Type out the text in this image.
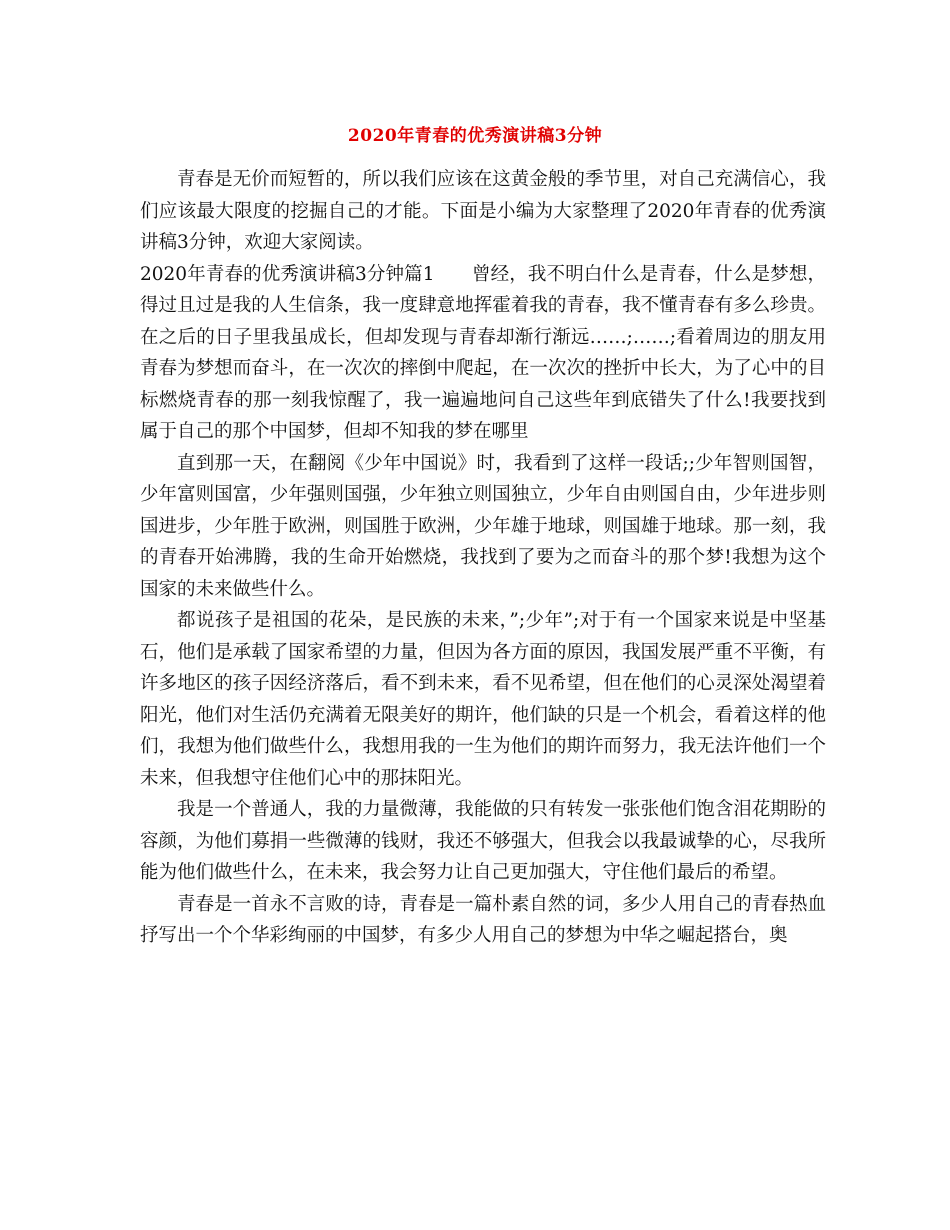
2020年青春的优秀演讲稿3分钟

青春是无价而短暂的，所以我们应该在这黄金般的季节里，对自己充满信心，我们应该最大限度的挖掘自己的才能。下面是小编为大家整理了2020年青春的优秀演讲稿3分钟，欢迎大家阅读。

2020年青春的优秀演讲稿3分钟篇1　　曾经，我不明白什么是青春，什么是梦想，得过且过是我的人生信条，我一度肆意地挥霍着我的青春，我不懂青春有多么珍贵。在之后的日子里我虽成长，但却发现与青春却渐行渐远……;……;看着周边的朋友用青春为梦想而奋斗，在一次次的摔倒中爬起，在一次次的挫折中长大，为了心中的目标燃烧青春的那一刻我惊醒了，我一遍遍地问自己这些年到底错失了什么!我要找到属于自己的那个中国梦，但却不知我的梦在哪里

直到那一天，在翻阅《少年中国说》时，我看到了这样一段话;;少年智则国智，少年富则国富，少年强则国强，少年独立则国独立，少年自由则国自由，少年进步则国进步，少年胜于欧洲，则国胜于欧洲，少年雄于地球，则国雄于地球。那一刻，我的青春开始沸腾，我的生命开始燃烧，我找到了要为之而奋斗的那个梦!我想为这个国家的未来做些什么。

都说孩子是祖国的花朵，是民族的未来，”;少年”;对于有一个国家来说是中坚基石，他们是承载了国家希望的力量，但因为各方面的原因，我国发展严重不平衡，有许多地区的孩子因经济落后，看不到未来，看不见希望，但在他们的心灵深处渴望着阳光，他们对生活仍充满着无限美好的期许，他们缺的只是一个机会，看着这样的他们，我想为他们做些什么，我想用我的一生为他们的期许而努力，我无法许他们一个未来，但我想守住他们心中的那抹阳光。

我是一个普通人，我的力量微薄，我能做的只有转发一张张他们饱含泪花期盼的容颜，为他们募捐一些微薄的钱财，我还不够强大，但我会以我最诚挚的心，尽我所能为他们做些什么，在未来，我会努力让自己更加强大，守住他们最后的希望。

青春是一首永不言败的诗，青春是一篇朴素自然的词，多少人用自己的青春热血抒写出一个个华彩绚丽的中国梦，有多少人用自己的梦想为中华之崛起搭台，奥
